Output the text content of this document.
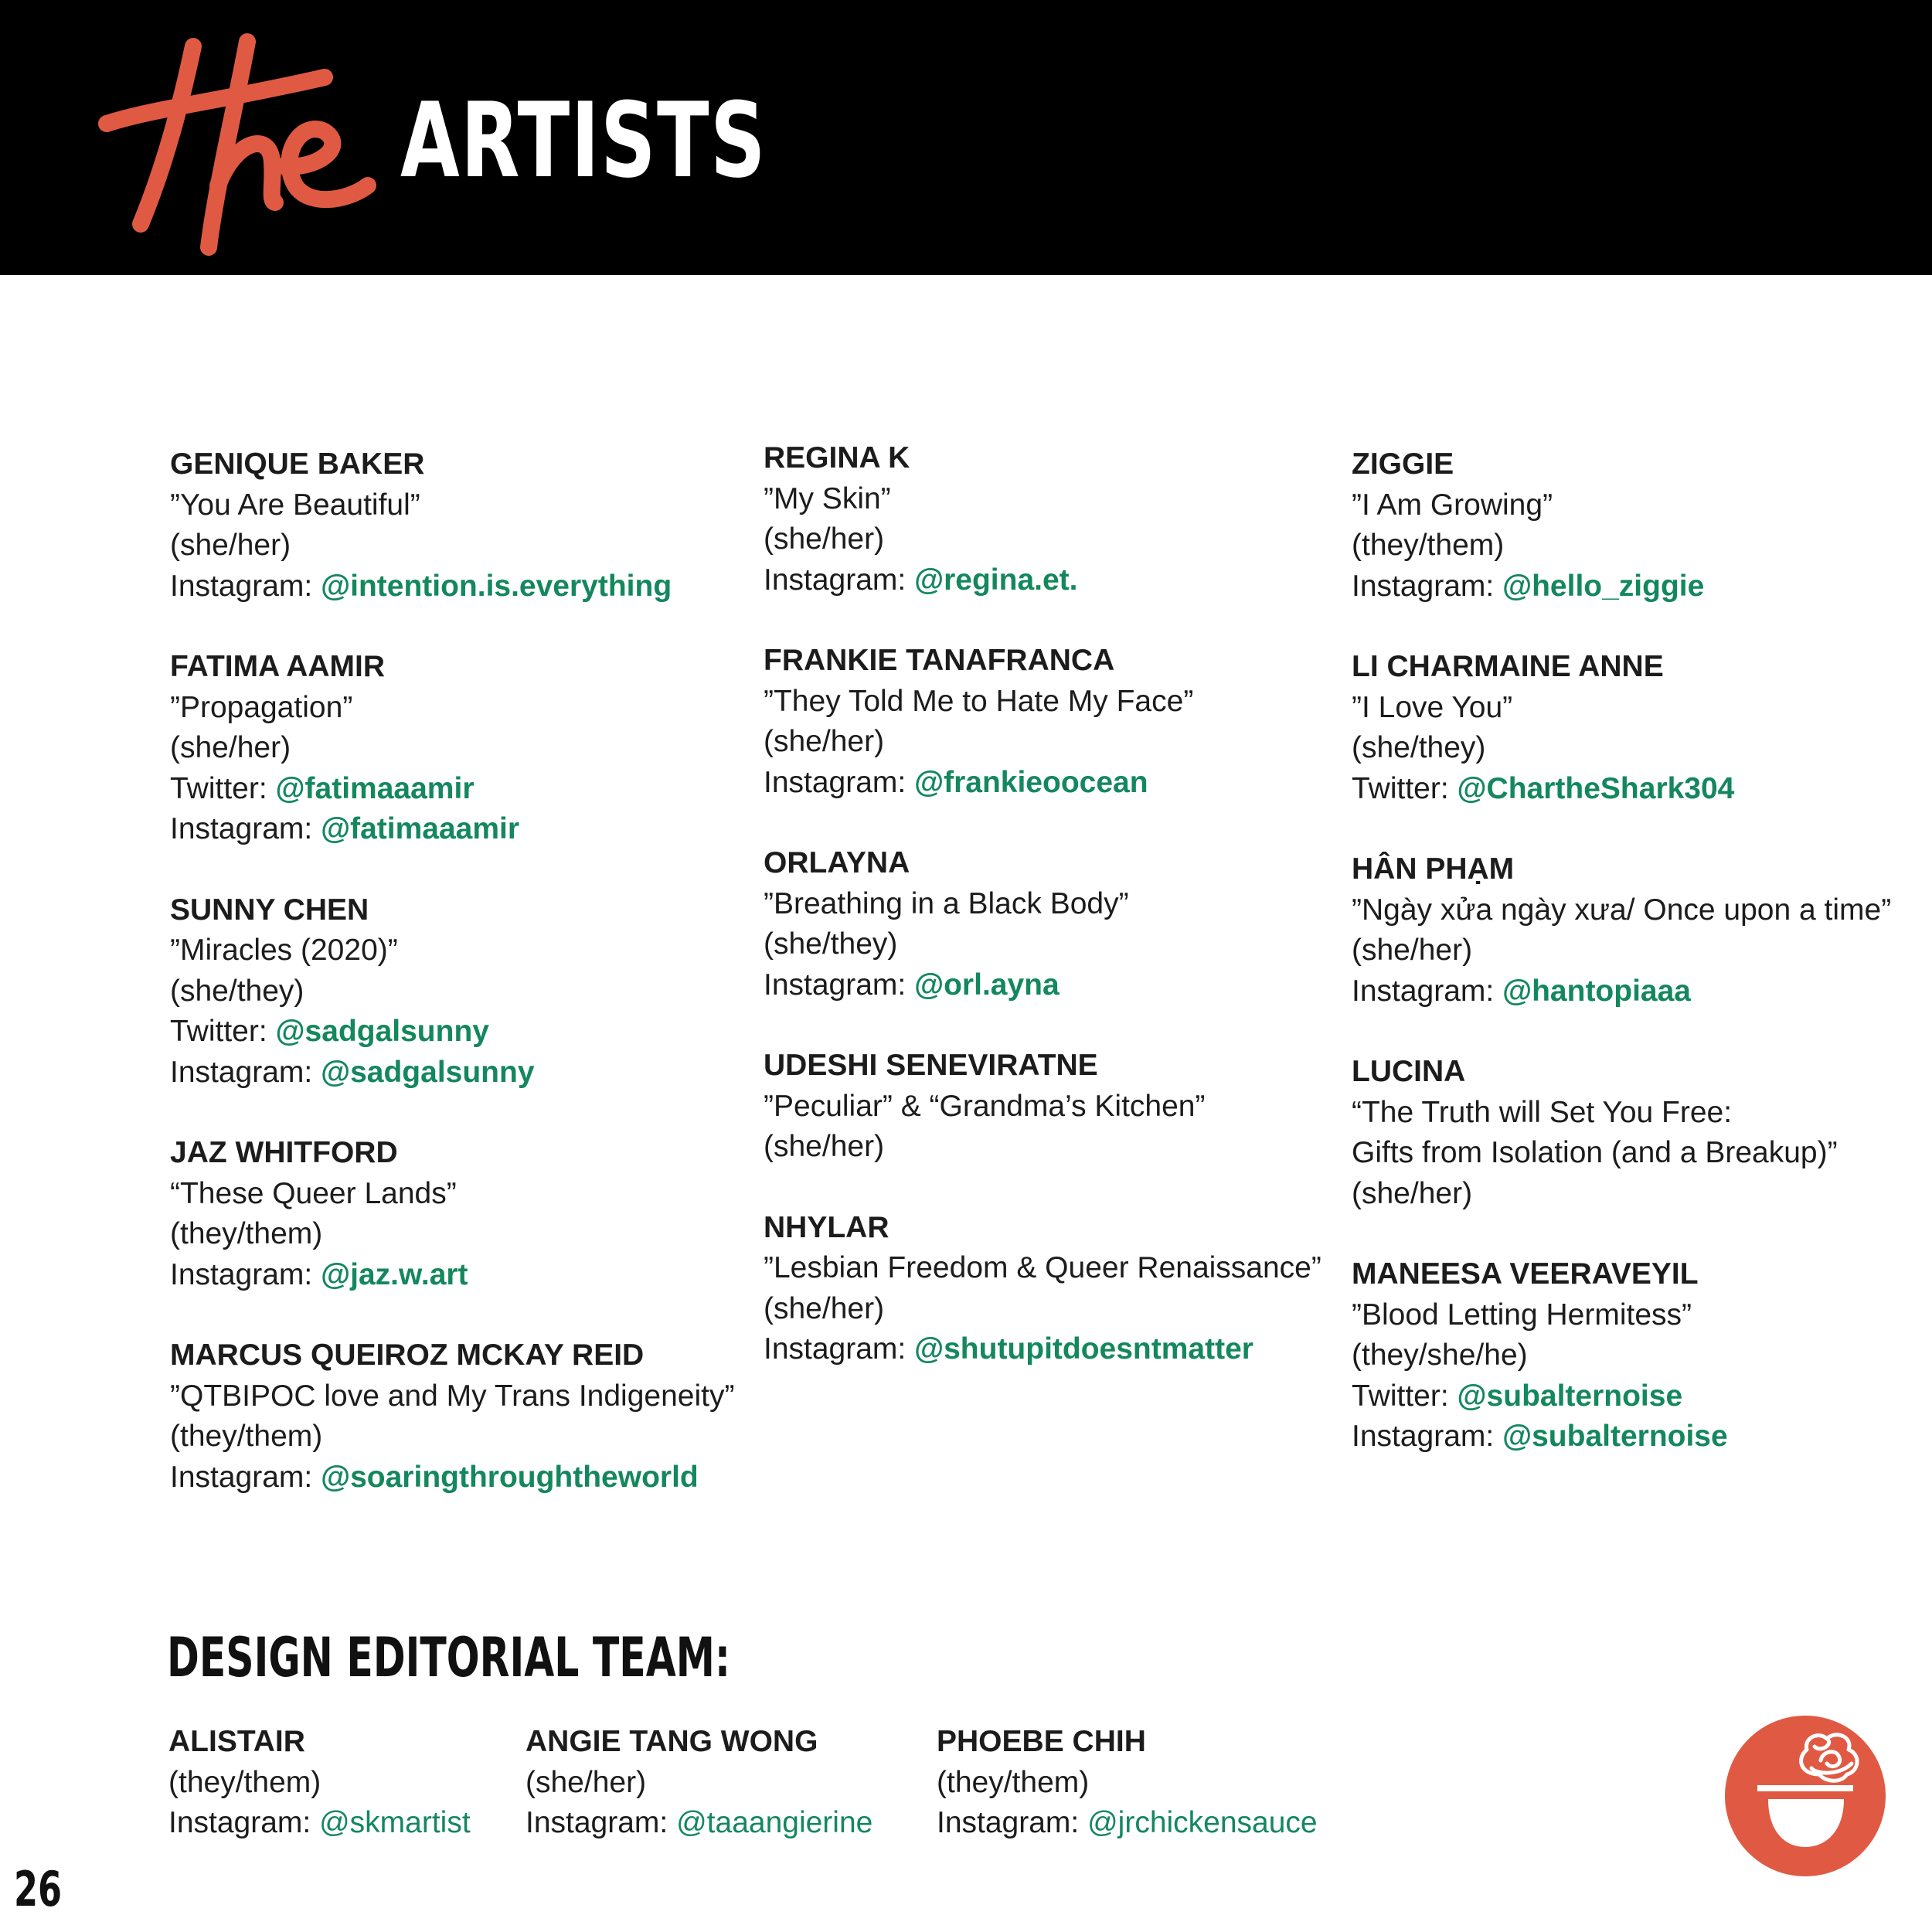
ARTISTS
GENIQUE BAKER
”You Are Beautiful”
(she/her)
Instagram: @intention.is.everything
FATIMA AAMIR
”Propagation”
(she/her)
Twitter: @fatimaaamir
Instagram: @fatimaaamir
SUNNY CHEN
”Miracles (2020)”
(she/they)
Twitter: @sadgalsunny
Instagram: @sadgalsunny
JAZ WHITFORD
“These Queer Lands”
(they/them)
Instagram: @jaz.w.art
MARCUS QUEIROZ MCKAY REID
”QTBIPOC love and My Trans Indigeneity”
(they/them)
Instagram: @soaringthroughtheworld
REGINA K
”My Skin”
(she/her)
Instagram: @regina.et.
FRANKIE TANAFRANCA
”They Told Me to Hate My Face”
(she/her)
Instagram: @frankieoocean
ORLAYNA
”Breathing in a Black Body”
(she/they)
Instagram: @orl.ayna
UDESHI SENEVIRATNE
”Peculiar” & “Grandma’s Kitchen”
(she/her)
NHYLAR
”Lesbian Freedom & Queer Renaissance”
(she/her)
Instagram: @shutupitdoesntmatter
ZIGGIE
”I Am Growing”
(they/them)
Instagram: @hello_ziggie
LI CHARMAINE ANNE
”I Love You”
(she/they)
Twitter: @ChartheShark304
HÂN PHẠM
”Ngày xửa ngày xưa/ Once upon a time”
(she/her)
Instagram: @hantopiaaa
LUCINA
“The Truth will Set You Free:
Gifts from Isolation (and a Breakup)”
(she/her)
MANEESA VEERAVEYIL
”Blood Letting Hermitess”
(they/she/he)
Twitter: @subalternoise
Instagram: @subalternoise
DESIGN EDITORIAL TEAM:
ALISTAIR
(they/them)
Instagram: @skmartist
ANGIE TANG WONG
(she/her)
Instagram: @taaangierine
PHOEBE CHIH
(they/them)
Instagram: @jrchickensauce
26
